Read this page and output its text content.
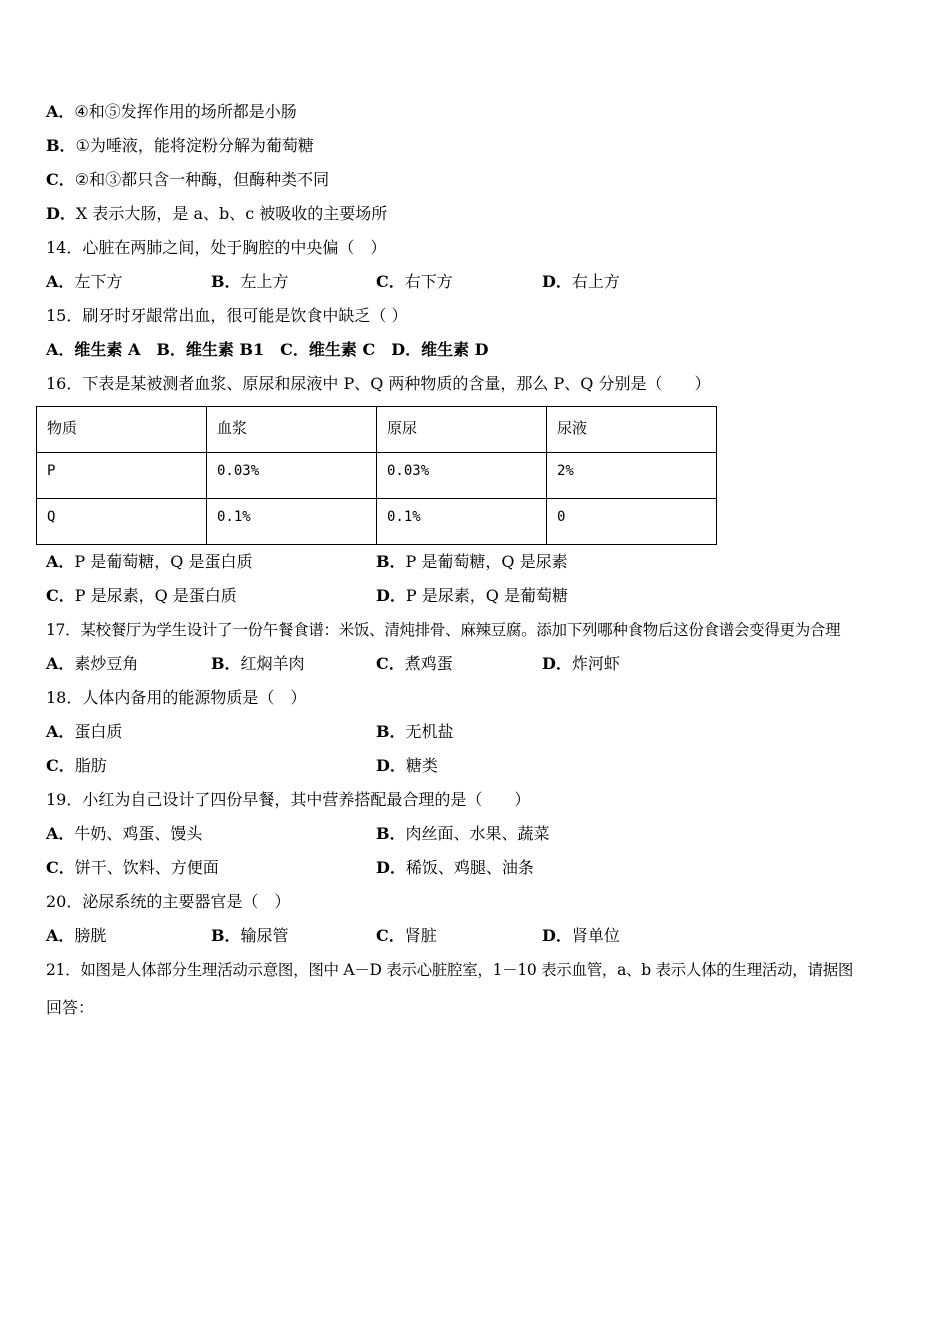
A．④和⑤发挥作用的场所都是小肠
B．①为唾液，能将淀粉分解为葡萄糖
C．②和③都只含一种酶，但酶种类不同
D．X 表示大肠，是 a、b、c 被吸收的主要场所
14．心脏在两肺之间，处于胸腔的中央偏（　）
A．左下方	B．左上方	C．右下方	D．右上方
15．刷牙时牙龈常出血，很可能是饮食中缺乏（ ）
A．维生素 A　B．维生素 B1　C．维生素 C　D．维生素 D
16．下表是某被测者血浆、原尿和尿液中 P、Q 两种物质的含量，那么 P、Q 分别是（　　）
物质	血浆	原尿	尿液
P	0.03%	0.03%	2%
Q	0.1%	0.1%	0
A．P 是葡萄糖，Q 是蛋白质	B．P 是葡萄糖，Q 是尿素
C．P 是尿素，Q 是蛋白质	D．P 是尿素，Q 是葡萄糖
17．某校餐厅为学生设计了一份午餐食谱：米饭、清炖排骨、麻辣豆腐。添加下列哪种食物后这份食谱会变得更为合理
A．素炒豆角	B．红焖羊肉	C．煮鸡蛋	D．炸河虾
18．人体内备用的能源物质是（　）
A．蛋白质	B．无机盐
C．脂肪	D．糖类
19．小红为自己设计了四份早餐，其中营养搭配最合理的是（　　）
A．牛奶、鸡蛋、馒头	B．肉丝面、水果、蔬菜
C．饼干、饮料、方便面	D．稀饭、鸡腿、油条
20．泌尿系统的主要器官是（　）
A．膀胱	B．输尿管	C．肾脏	D．肾单位
21．如图是人体部分生理活动示意图，图中 A－D 表示心脏腔室，1－10 表示血管，a、b 表示人体的生理活动，请据图
回答：
